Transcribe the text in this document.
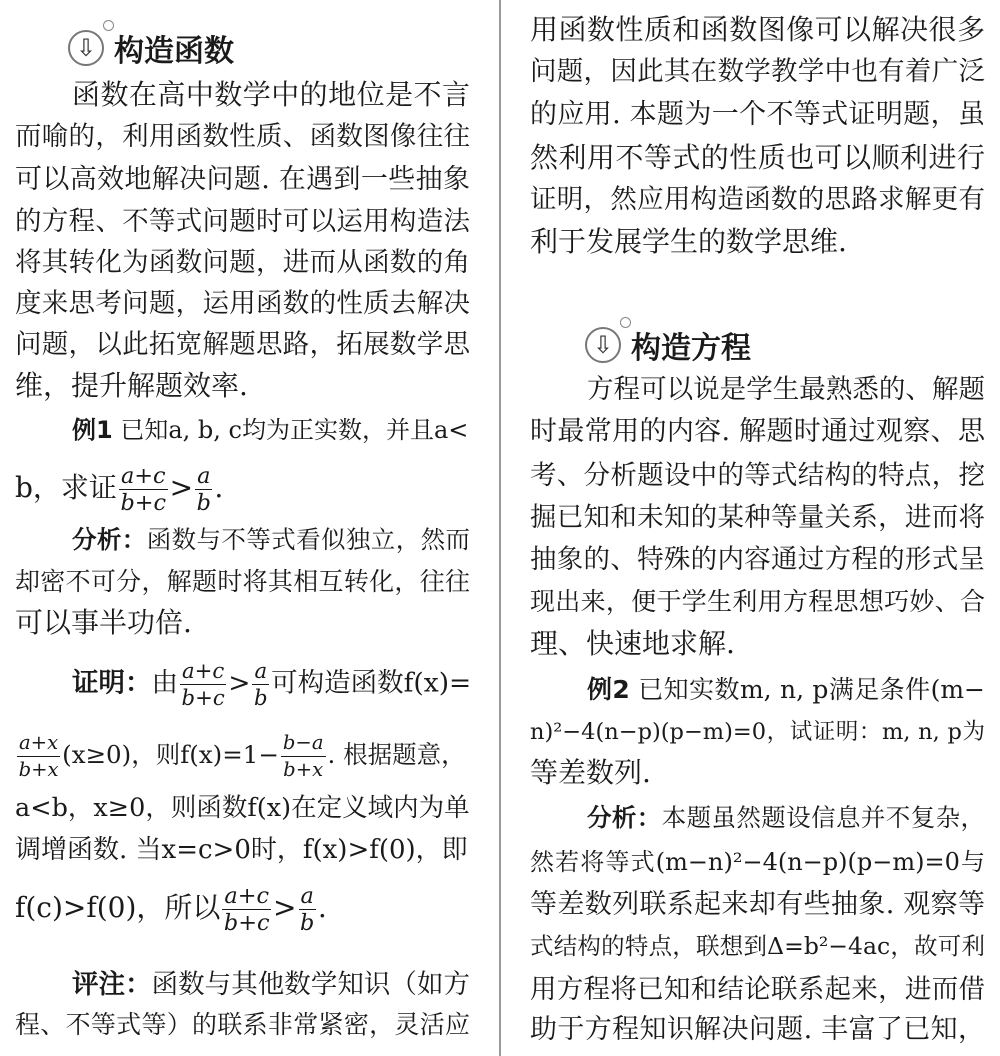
⇩ 构造函数
⇩ 构造方程
函数在高中数学中的地位是不言
而喻的，利用函数性质、函数图像往往
可以高效地解决问题. 在遇到一些抽象
的方程、不等式问题时可以运用构造法
将其转化为函数问题，进而从函数的角
度来思考问题，运用函数的性质去解决
问题，以此拓宽解题思路，拓展数学思
维，提升解题效率.
例1 已知a, b, c均为正实数，并且a<
b，求证 $\frac{a+c}{b+c} > \frac{a}{b}$ .
分析：函数与不等式看似独立，然而
却密不可分，解题时将其相互转化，往往
可以事半功倍.
证明：由 $\frac{a+c}{b+c} > \frac{a}{b}$ 可构造函数f(x)=
$\frac{a+x}{b+x} (x\ge 0)$，则$f(x)=1- \frac{b-a}{b+x}$ . 根据题意，
a<b，x≥0，则函数f(x)在定义域内为单
调增函数. 当x=c>0时，f(x)>f(0)，即
f(c)>f(0)，所以 $\frac{a+c}{b+c} > \frac{a}{b}$ .
评注：函数与其他数学知识（如方
程、不等式等）的联系非常紧密，灵活应
用函数性质和函数图像可以解决很多
问题，因此其在数学教学中也有着广泛
的应用. 本题为一个不等式证明题，虽
然利用不等式的性质也可以顺利进行
证明，然应用构造函数的思路求解更有
利于发展学生的数学思维.
方程可以说是学生最熟悉的、解题
时最常用的内容. 解题时通过观察、思
考、分析题设中的等式结构的特点，挖
掘已知和未知的某种等量关系，进而将
抽象的、特殊的内容通过方程的形式呈
现出来，便于学生利用方程思想巧妙、合
理、快速地求解.
例2 已知实数m, n, p满足条件(m−
n)²−4(n−p)(p−m)=0，试证明：m, n, p为
等差数列.
分析：本题虽然题设信息并不复杂，
然若将等式(m−n)²−4(n−p)(p−m)=0与
等差数列联系起来却有些抽象. 观察等
式结构的特点，联想到Δ=b²−4ac，故可利
用方程将已知和结论联系起来，进而借
助于方程知识解决问题. 丰富了已知，
